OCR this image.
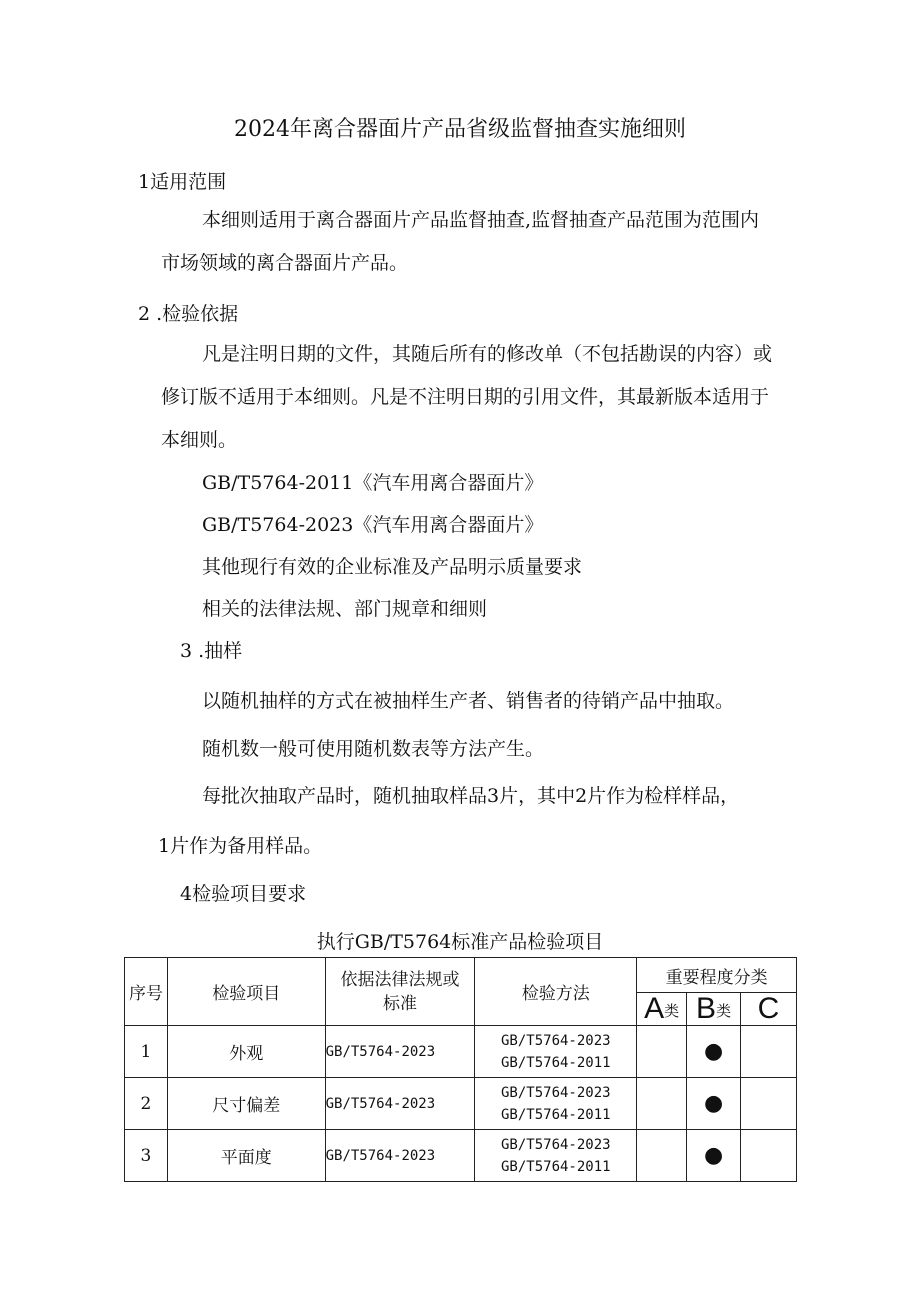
2024年离合器面片产品省级监督抽查实施细则
1适用范围
本细则适用于离合器面片产品监督抽查,监督抽查产品范围为范围内
市场领域的离合器面片产品。
2 .检验依据
凡是注明日期的文件，其随后所有的修改单（不包括勘误的内容）或
修订版不适用于本细则。凡是不注明日期的引用文件，其最新版本适用于
本细则。
GB/T5764-2011《汽车用离合器面片》
GB/T5764-2023《汽车用离合器面片》
其他现行有效的企业标准及产品明示质量要求
相关的法律法规、部门规章和细则
3 .抽样
以随机抽样的方式在被抽样生产者、销售者的待销产品中抽取。
随机数一般可使用随机数表等方法产生。
每批次抽取产品时，随机抽取样品3片，其中2片作为检样样品，
1片作为备用样品。
4检验项目要求
执行GB/T5764标准产品检验项目
序号	检验项目	依据法律法规或
标准	检验方法	重要程度分类		
				A类	B类	C
1	外观	GB/T5764-2023	GB/T5764-2023
GB/T5764-2011		●	
2	尺寸偏差	GB/T5764-2023	GB/T5764-2023
GB/T5764-2011		●	
3	平面度	GB/T5764-2023	GB/T5764-2023
GB/T5764-2011		●	
